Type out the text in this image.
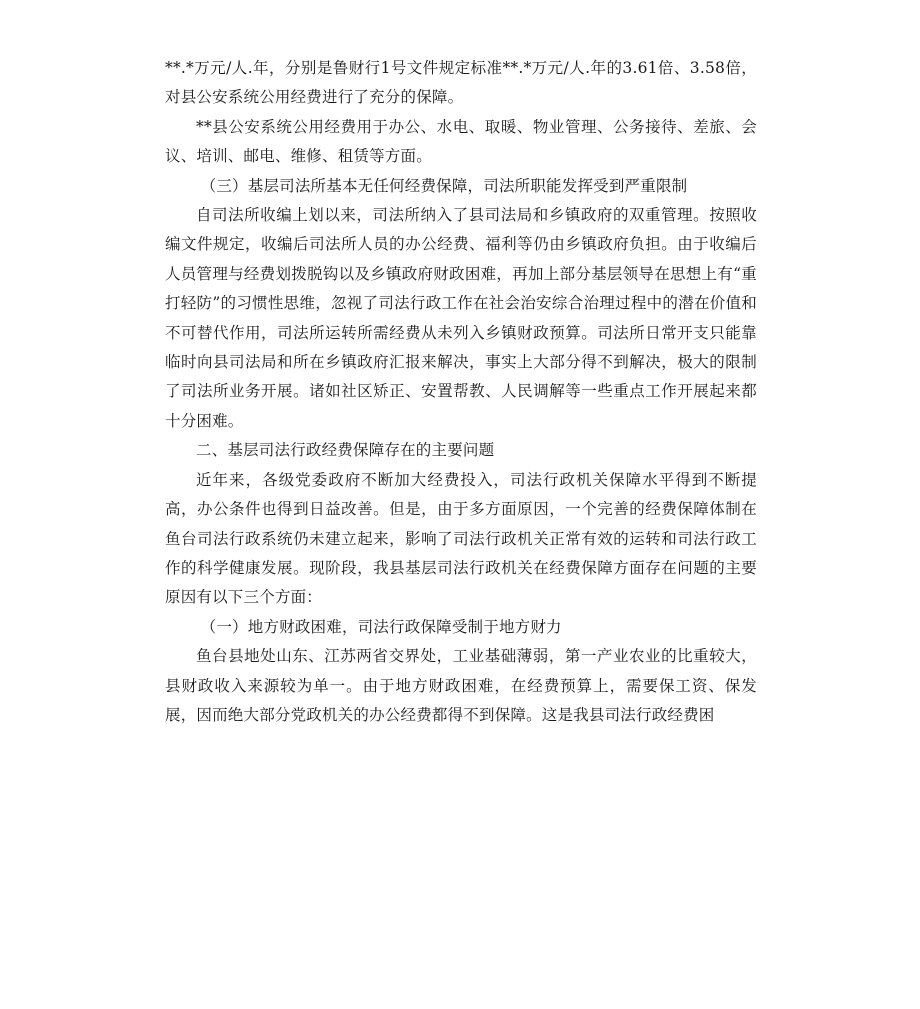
**.*万元/人.年，分别是鲁财行1号文件规定标准**.*万元/人.年的3.61倍、3.58倍，对县公安系统公用经费进行了充分的保障。

**县公安系统公用经费用于办公、水电、取暖、物业管理、公务接待、差旅、会议、培训、邮电、维修、租赁等方面。

（三）基层司法所基本无任何经费保障，司法所职能发挥受到严重限制

自司法所收编上划以来，司法所纳入了县司法局和乡镇政府的双重管理。按照收编文件规定，收编后司法所人员的办公经费、福利等仍由乡镇政府负担。由于收编后人员管理与经费划拨脱钩以及乡镇政府财政困难，再加上部分基层领导在思想上有“重打轻防”的习惯性思维，忽视了司法行政工作在社会治安综合治理过程中的潜在价值和不可替代作用，司法所运转所需经费从未列入乡镇财政预算。司法所日常开支只能靠临时向县司法局和所在乡镇政府汇报来解决，事实上大部分得不到解决，极大的限制了司法所业务开展。诸如社区矫正、安置帮教、人民调解等一些重点工作开展起来都十分困难。

二、基层司法行政经费保障存在的主要问题

近年来，各级党委政府不断加大经费投入，司法行政机关保障水平得到不断提高，办公条件也得到日益改善。但是，由于多方面原因，一个完善的经费保障体制在鱼台司法行政系统仍未建立起来，影响了司法行政机关正常有效的运转和司法行政工作的科学健康发展。现阶段，我县基层司法行政机关在经费保障方面存在问题的主要原因有以下三个方面：

（一）地方财政困难，司法行政保障受制于地方财力

鱼台县地处山东、江苏两省交界处，工业基础薄弱，第一产业农业的比重较大，县财政收入来源较为单一。由于地方财政困难，在经费预算上，需要保工资、保发展，因而绝大部分党政机关的办公经费都得不到保障。这是我县司法行政经费困
